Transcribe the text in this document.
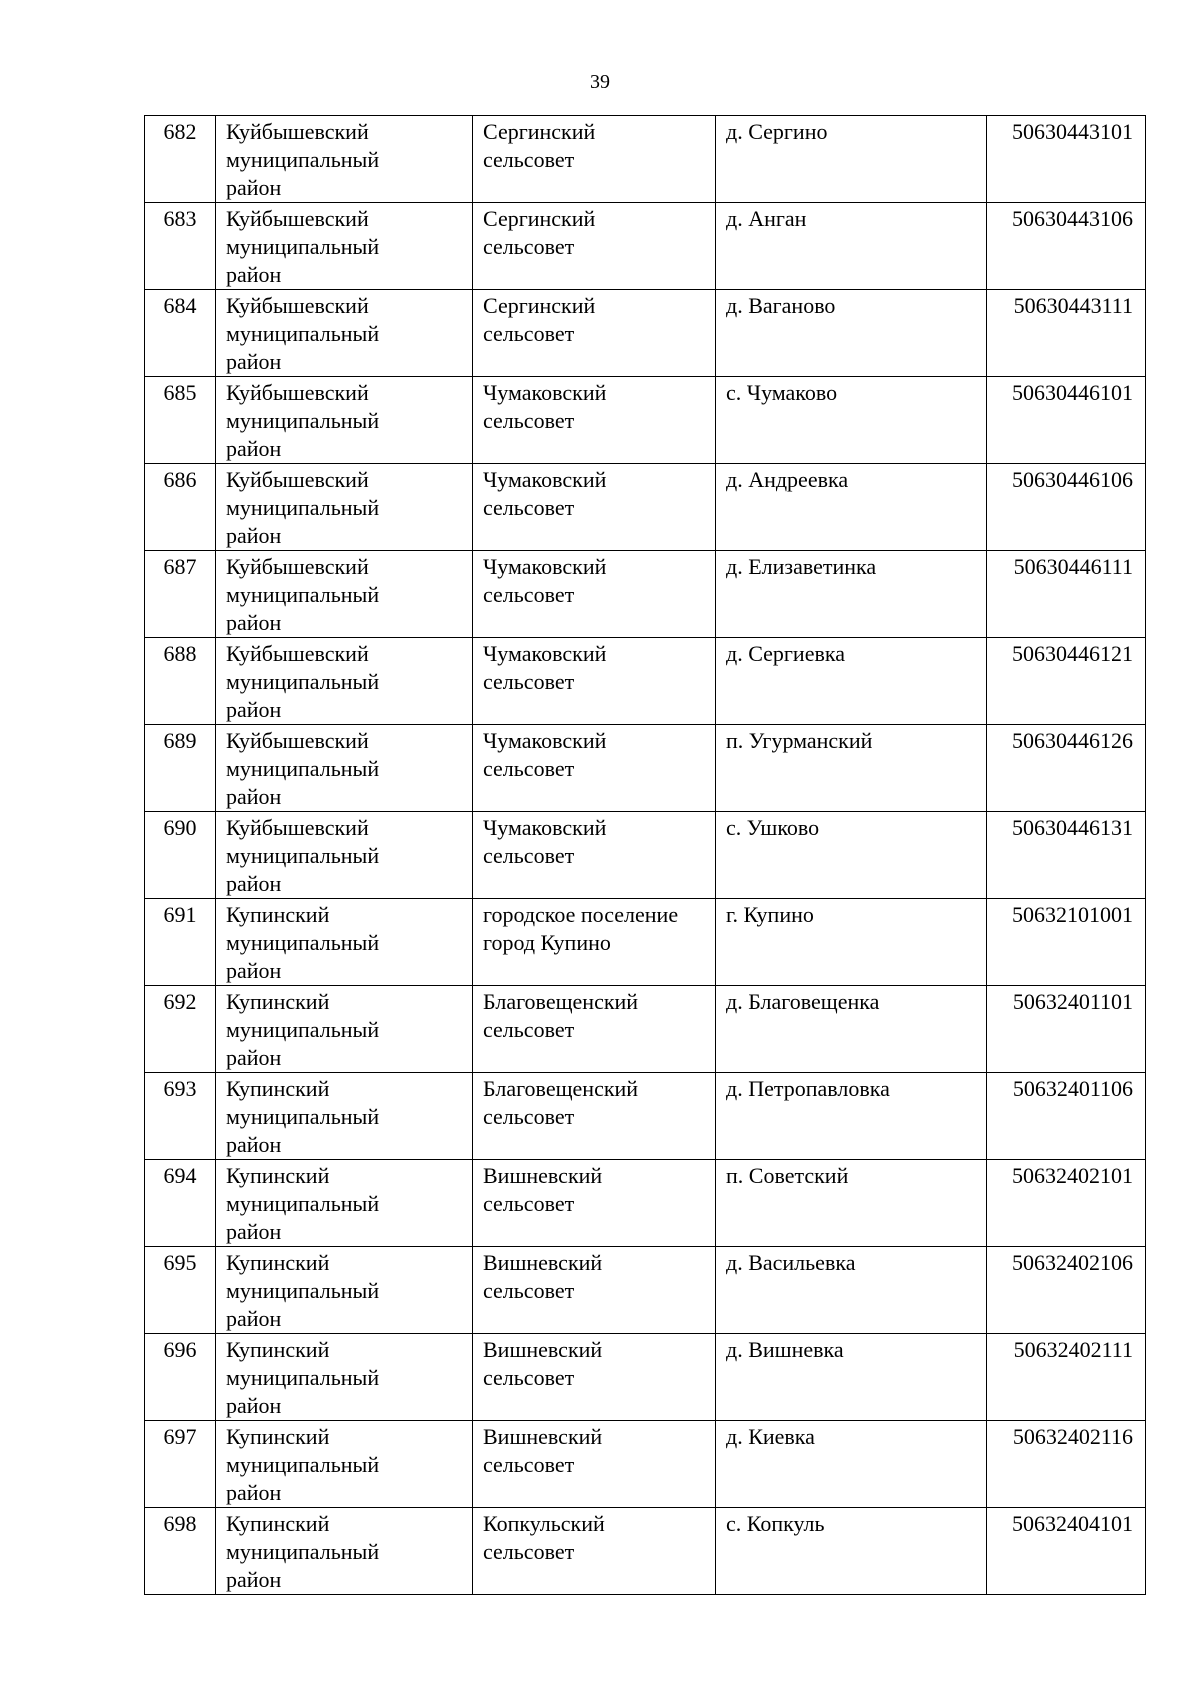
39
682	Куйбышевский
муниципальный
район	Сергинский
сельсовет	д. Сергино	50630443101
683	Куйбышевский
муниципальный
район	Сергинский
сельсовет	д. Анган	50630443106
684	Куйбышевский
муниципальный
район	Сергинский
сельсовет	д. Ваганово	50630443111
685	Куйбышевский
муниципальный
район	Чумаковский
сельсовет	с. Чумаково	50630446101
686	Куйбышевский
муниципальный
район	Чумаковский
сельсовет	д. Андреевка	50630446106
687	Куйбышевский
муниципальный
район	Чумаковский
сельсовет	д. Елизаветинка	50630446111
688	Куйбышевский
муниципальный
район	Чумаковский
сельсовет	д. Сергиевка	50630446121
689	Куйбышевский
муниципальный
район	Чумаковский
сельсовет	п. Угурманский	50630446126
690	Куйбышевский
муниципальный
район	Чумаковский
сельсовет	с. Ушково	50630446131
691	Купинский
муниципальный
район	городское поселение
город Купино	г. Купино	50632101001
692	Купинский
муниципальный
район	Благовещенский
сельсовет	д. Благовещенка	50632401101
693	Купинский
муниципальный
район	Благовещенский
сельсовет	д. Петропавловка	50632401106
694	Купинский
муниципальный
район	Вишневский
сельсовет	п. Советский	50632402101
695	Купинский
муниципальный
район	Вишневский
сельсовет	д. Васильевка	50632402106
696	Купинский
муниципальный
район	Вишневский
сельсовет	д. Вишневка	50632402111
697	Купинский
муниципальный
район	Вишневский
сельсовет	д. Киевка	50632402116
698	Купинский
муниципальный
район	Копкульский
сельсовет	с. Копкуль	50632404101
